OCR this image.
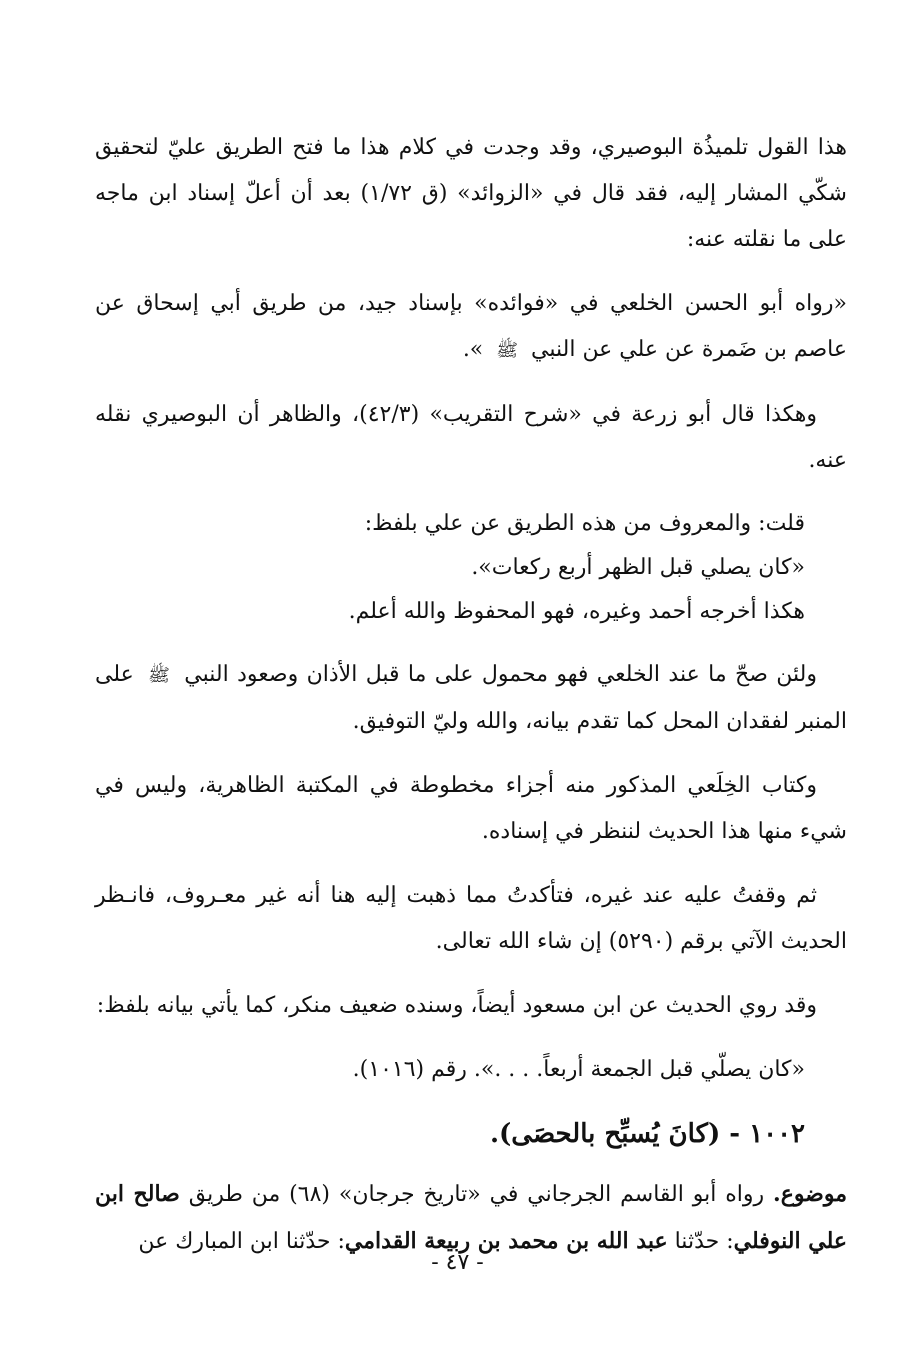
هذا القول تلميذُة البوصيري، وقد وجدت في كلام هذا ما فتح الطريق عليّ لتحقيق شكّي المشار إليه، فقد قال في «الزوائد» (ق ١/٧٢) بعد أن أعلّ إسناد ابن ماجه على ما نقلته عنه:

«رواه أبو الحسن الخلعي في «فوائده» بإسناد جيد، من طريق أبي إسحاق عن عاصم بن ضَمرة عن علي عن النبي ﷺ ».

وهكذا قال أبو زرعة في «شرح التقريب» (٤٢/٣)، والظاهر أن البوصيري نقله عنه.

قلت: والمعروف من هذه الطريق عن علي بلفظ:
«كان يصلي قبل الظهر أربع ركعات».
هكذا أخرجه أحمد وغيره، فهو المحفوظ والله أعلم.

ولئن صحّ ما عند الخلعي فهو محمول على ما قبل الأذان وصعود النبي ﷺ على المنبر لفقدان المحل كما تقدم بيانه، والله وليّ التوفيق.

وكتاب الخِلَعي المذكور منه أجزاء مخطوطة في المكتبة الظاهرية، وليس في شيء منها هذا الحديث لننظر في إسناده.

ثم وقفتُ عليه عند غيره، فتأكدتُ مما ذهبت إليه هنا أنه غير معـروف، فانـظر الحديث الآتي برقم (٥٢٩٠) إن شاء الله تعالى.

وقد روي الحديث عن ابن مسعود أيضاً، وسنده ضعيف منكر، كما يأتي بيانه بلفظ:

«كان يصلّي قبل الجمعة أربعاً. . . .». رقم (١٠١٦).

١٠٠٢ - (كانَ يُسبِّح بالحصَى).

موضوع. رواه أبو القاسم الجرجاني في «تاريخ جرجان» (٦٨) من طريق صالح ابن علي النوفلي: حدّثنا عبد الله بن محمد بن ربيعة القدامي: حدّثنا ابن المبارك عن

- ٤٧ -
